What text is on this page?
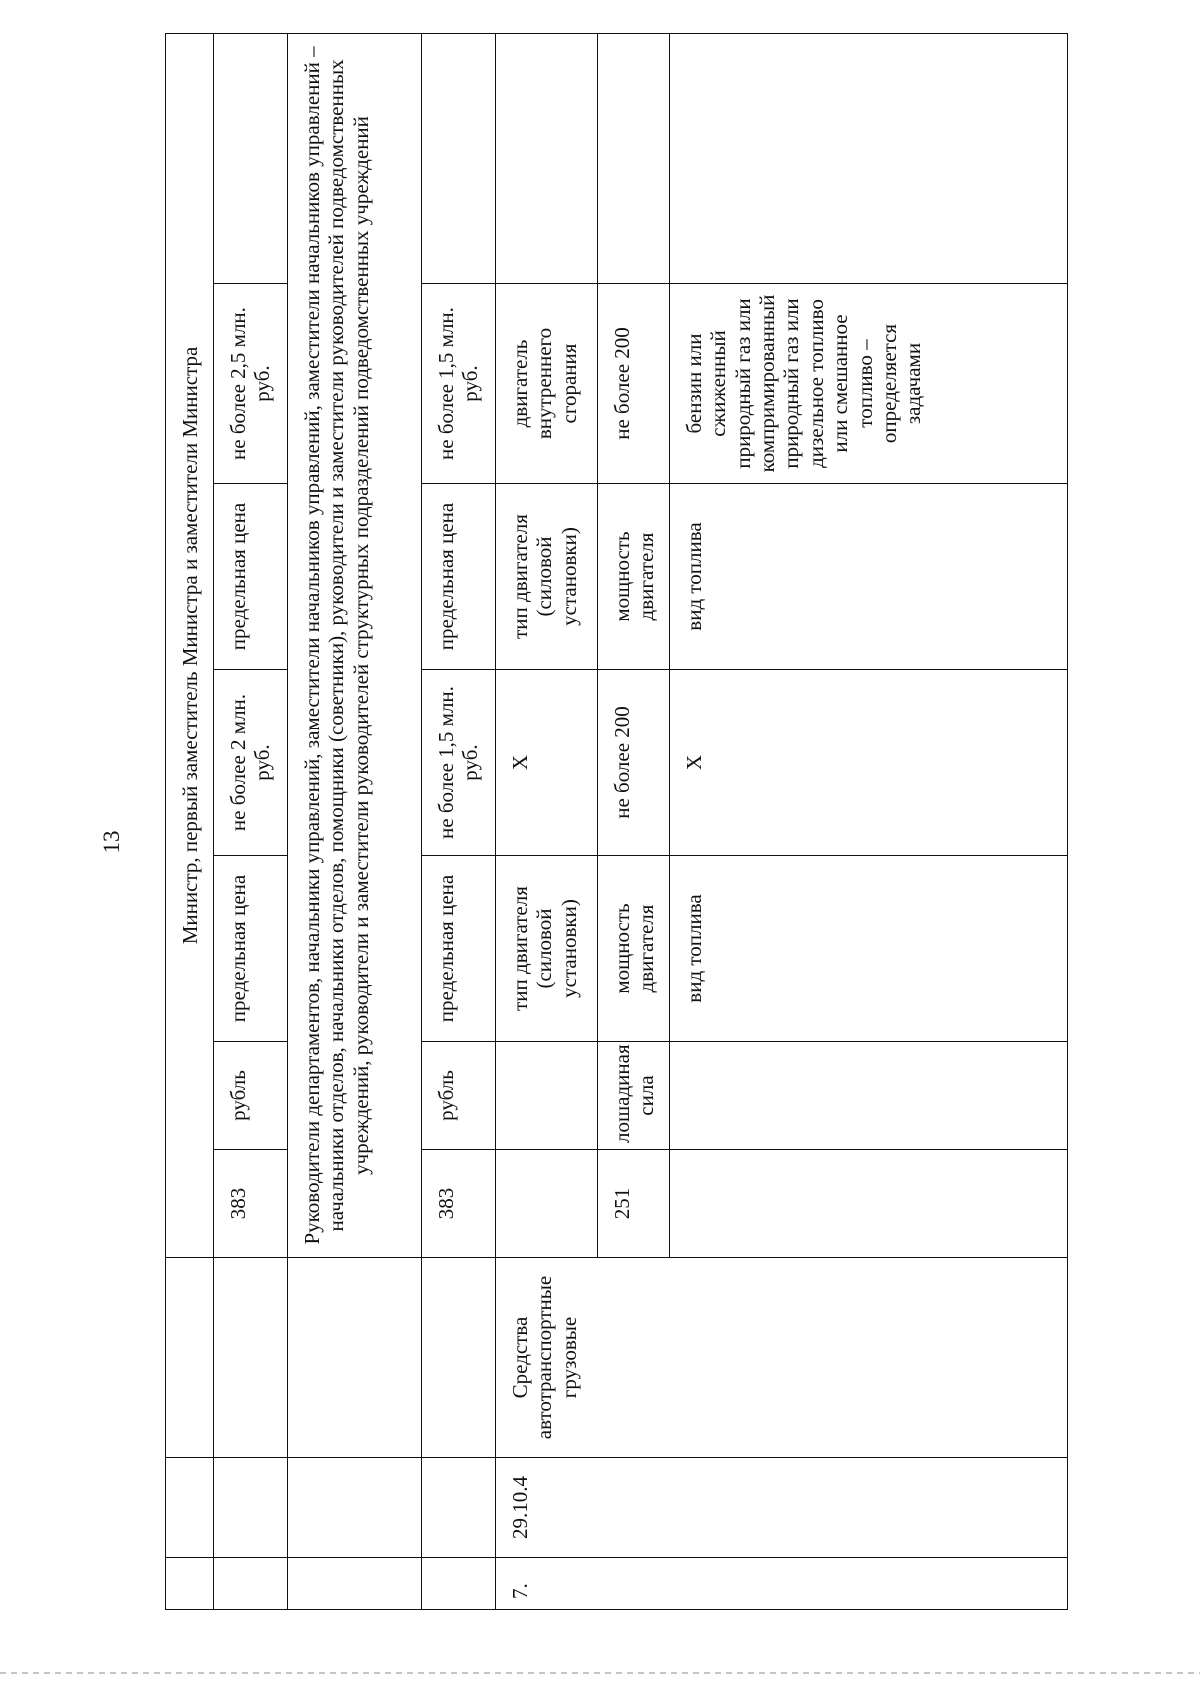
13
				Министр, первый заместитель Министра и заместители Министра						
			383	рубль	предельная цена	не более 2 млн. руб.	предельная цена	не более 2,5 млн. руб.	
			Руководители департаментов, начальники управлений, заместители начальников управлений, заместители начальников управлений – начальники отделов, начальники отделов, помощники (советники), руководители и заместители руководителей подведомственных учреждений, руководители и заместители руководителей структурных подразделений подведомственных учреждений						
			383	рубль	предельная цена	не более 1,5 млн. руб.	предельная цена	не более 1,5 млн. руб.	
7.	29.10.4	Средства автотранспортные грузовые			тип двигателя (силовой установки)	Х	тип двигателя (силовой установки)	двигатель внутреннего сгорания	
			251	лошадиная сила	мощность двигателя	не более 200	мощность двигателя	не более 200	
					вид топлива	Х	вид топлива	бензин или сжиженный природный газ или компримированный природный газ или дизельное топливо или смешанное топливо – определяется задачами	
